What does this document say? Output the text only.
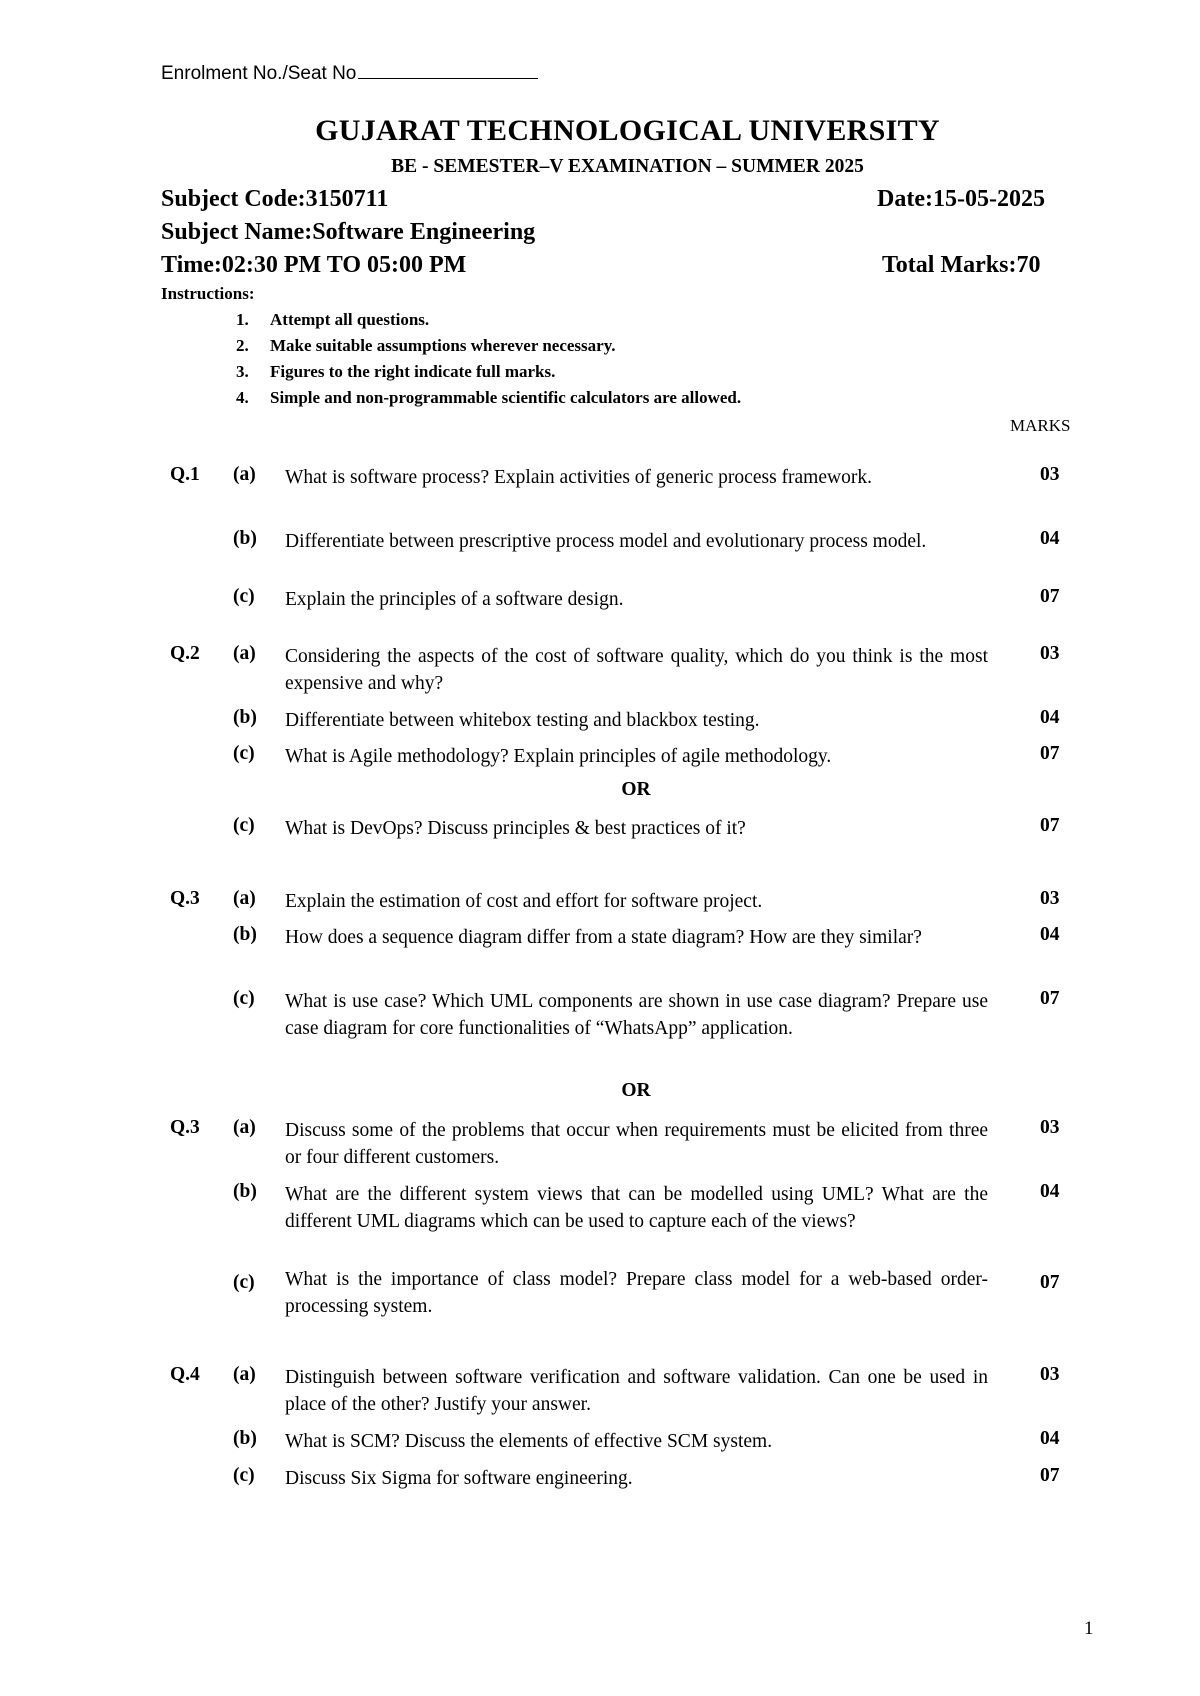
Enrolment No./Seat No
GUJARAT TECHNOLOGICAL UNIVERSITY
BE - SEMESTER–V EXAMINATION – SUMMER 2025
Subject Code:3150711	Date:15-05-2025
Subject Name:Software Engineering
Time:02:30 PM TO 05:00 PM	Total Marks:70
Instructions:
1. Attempt all questions.
2. Make suitable assumptions wherever necessary.
3. Figures to the right indicate full marks.
4. Simple and non-programmable scientific calculators are allowed.
MARKS
Q.1 (a) What is software process? Explain activities of generic process framework.	03
(b) Differentiate between prescriptive process model and evolutionary process model.	04
(c) Explain the principles of a software design.	07
Q.2 (a) Considering the aspects of the cost of software quality, which do you think is the most expensive and why?
03
(b) Differentiate between whitebox testing and blackbox testing.	04
(c) What is Agile methodology? Explain principles of agile methodology.	07
OR
(c) What is DevOps? Discuss principles & best practices of it?	07
Q.3 (a) Explain the estimation of cost and effort for software project.	03
(b) How does a sequence diagram differ from a state diagram? How are they similar?	04
(c) What is use case? Which UML components are shown in use case diagram? Prepare use case diagram for core functionalities of “WhatsApp” application.
07
OR
Q.3 (a) Discuss some of the problems that occur when requirements must be elicited from three or four different customers.
03
(b) What are the different system views that can be modelled using UML? What are the different UML diagrams which can be used to capture each of the views?
04
(c) What is the importance of class model? Prepare class model for a web-based order-processing system.
07
Q.4 (a) Distinguish between software verification and software validation. Can one be used in place of the other? Justify your answer.
03
(b) What is SCM? Discuss the elements of effective SCM system.	04
(c) Discuss Six Sigma for software engineering.	07
1
